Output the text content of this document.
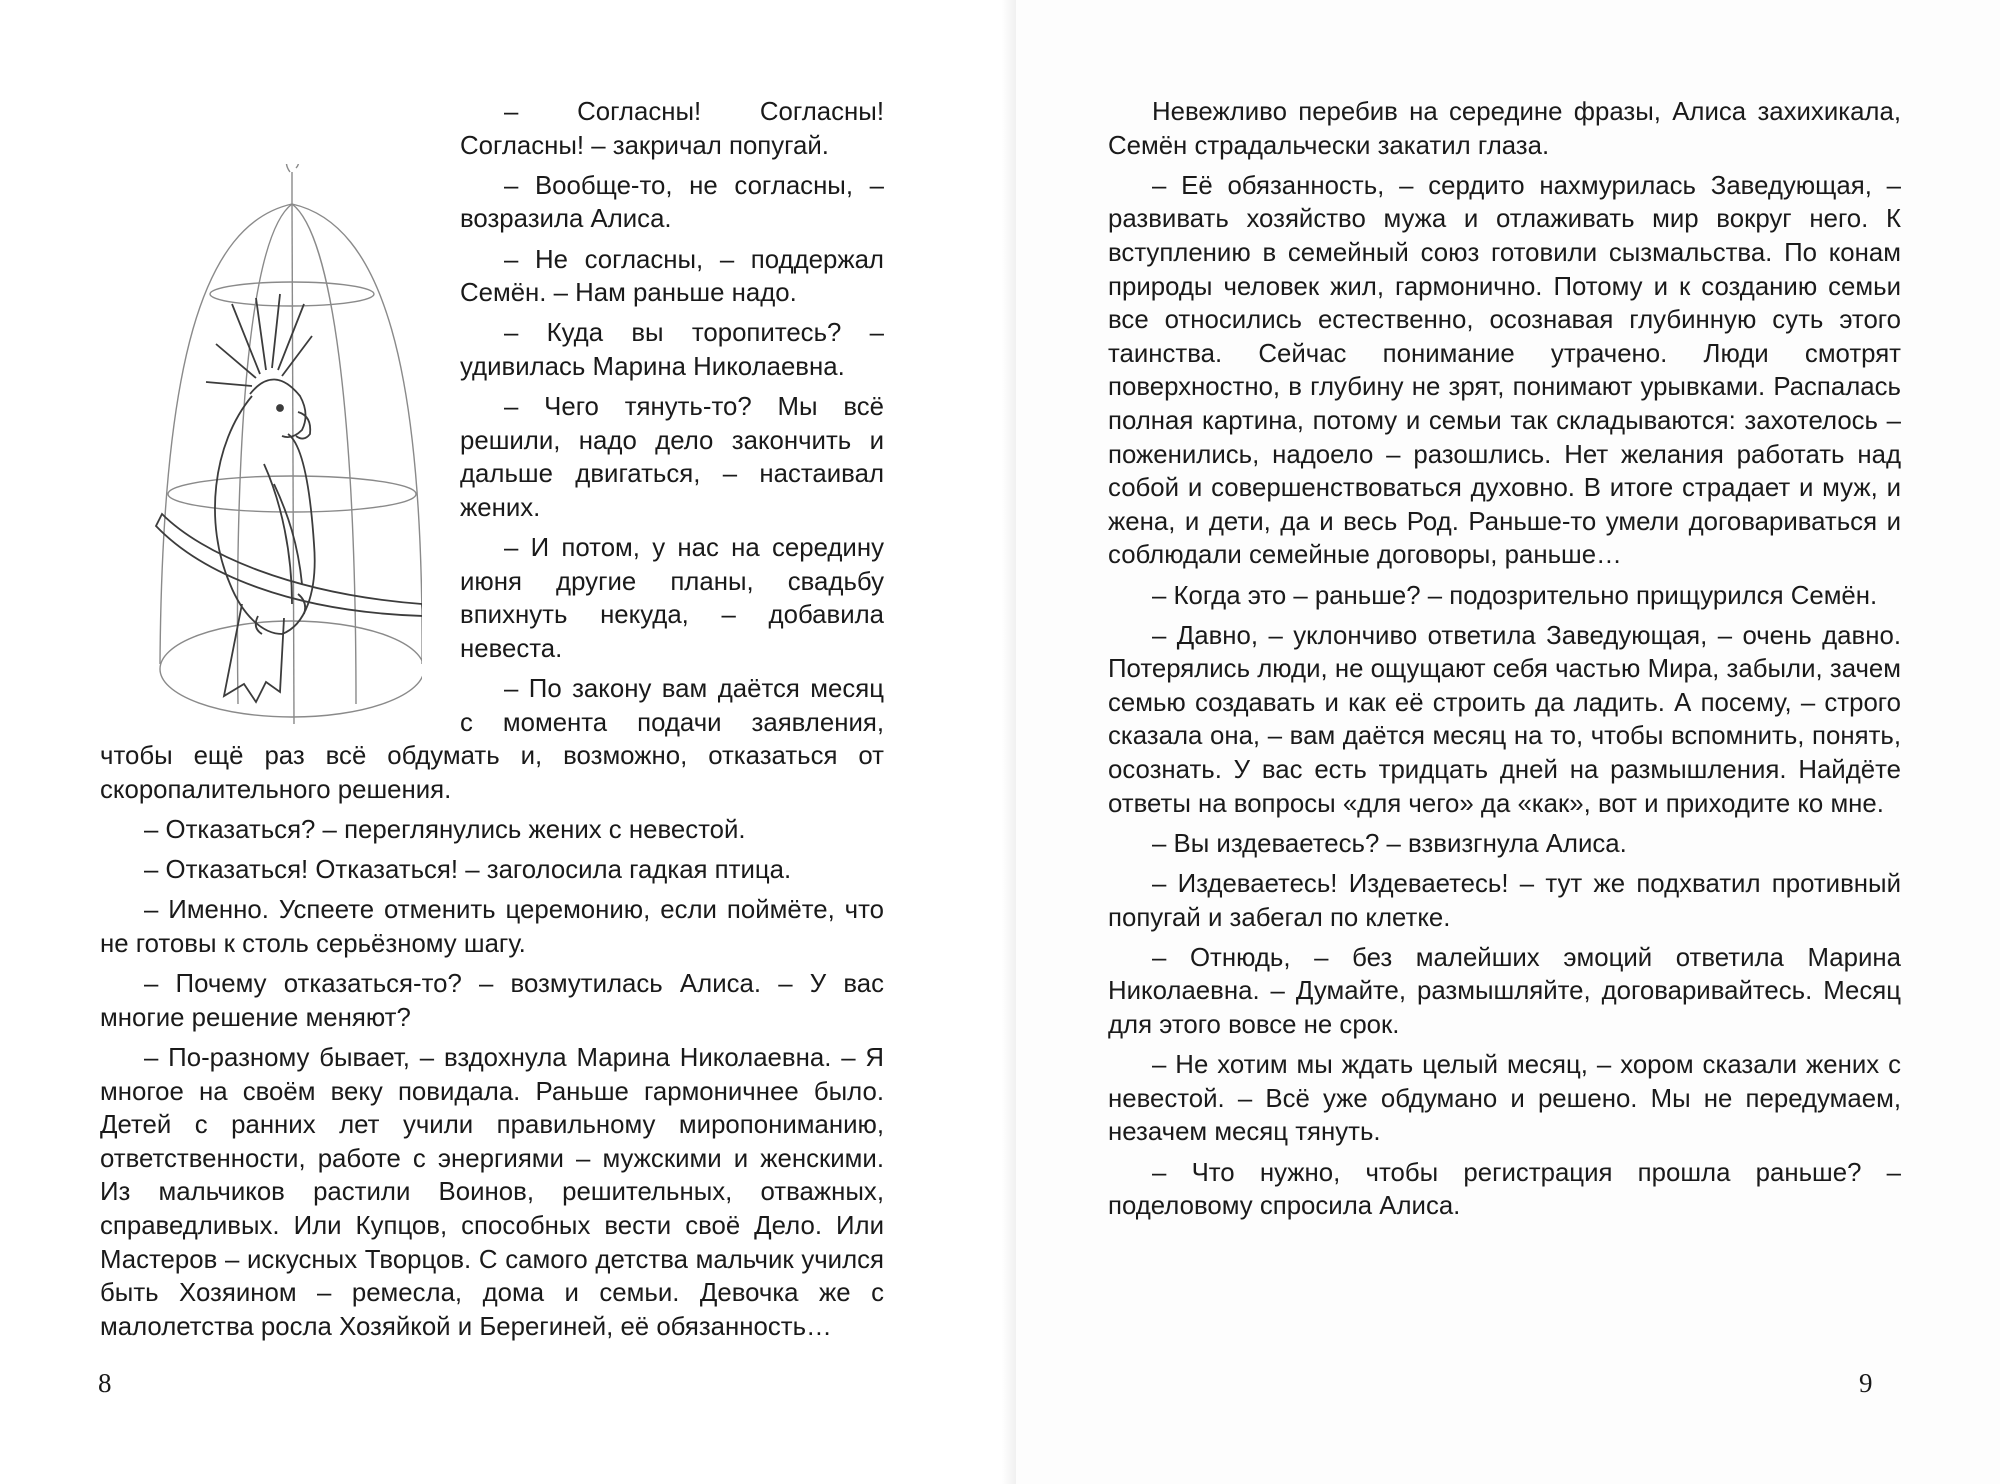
– Согласны! Согласны! Согласны! – закричал попугай.

– Вообще-то, не согласны, – возразила Алиса.

– Не согласны, – поддержал Семён. – Нам раньше надо.

– Куда вы торопитесь? – удивилась Марина Николаевна.

– Чего тянуть-то? Мы всё решили, надо дело закончить и дальше двигаться, – настаивал жених.

– И потом, у нас на середину июня другие планы, свадьбу впихнуть некуда, – добавила невеста.

– По закону вам даётся месяц с момента подачи заявления, чтобы ещё раз всё обдумать и, возможно, отказаться от скоропалительного решения.

– Отказаться? – переглянулись жених с невестой.

– Отказаться! Отказаться! – заголосила гадкая птица.

– Именно. Успеете отменить церемонию, если поймёте, что не готовы к столь серьёзному шагу.

– Почему отказаться-то? – возмутилась Алиса. – У вас многие решение меняют?

– По-разному бывает, – вздохнула Марина Николаевна. – Я многое на своём веку повидала. Раньше гармоничнее было. Детей с ранних лет учили правильному миропониманию, ответственности, работе с энергиями – мужскими и женскими. Из мальчиков растили Воинов, решительных, отважных, справедливых. Или Купцов, способных вести своё Дело. Или Мастеров – искусных Творцов. С самого детства мальчик учился быть Хозяином – ремесла, дома и семьи. Девочка же с малолетства росла Хозяйкой и Берегиней, её обязанность…

8

Невежливо перебив на середине фразы, Алиса захихикала, Семён страдальчески закатил глаза.

– Её обязанность, – сердито нахмурилась Заведующая, – развивать хозяйство мужа и отлаживать мир вокруг него. К вступлению в семейный союз готовили сызмальства. По конам природы человек жил, гармонично. Потому и к созданию семьи все относились естественно, осознавая глубинную суть этого таинства. Сейчас понимание утрачено. Люди смотрят поверхностно, в глубину не зрят, понимают урывками. Распалась полная картина, потому и семьи так складываются: захотелось – поженились, надоело – разошлись. Нет желания работать над собой и совершенствоваться духовно. В итоге страдает и муж, и жена, и дети, да и весь Род. Раньше-то умели договариваться и соблюдали семейные договоры, раньше…

– Когда это – раньше? – подозрительно прищурился Семён.

– Давно, – уклончиво ответила Заведующая, – очень давно. Потерялись люди, не ощущают себя частью Мира, забыли, зачем семью создавать и как её строить да ладить. А посему, – строго сказала она, – вам даётся месяц на то, чтобы вспомнить, понять, осознать. У вас есть тридцать дней на размышления. Найдёте ответы на вопросы «для чего» да «как», вот и приходите ко мне.

– Вы издеваетесь? – взвизгнула Алиса.

– Издеваетесь! Издеваетесь! – тут же подхватил противный попугай и забегал по клетке.

– Отнюдь, – без малейших эмоций ответила Марина Николаевна. – Думайте, размышляйте, договаривайтесь. Месяц для этого вовсе не срок.

– Не хотим мы ждать целый месяц, – хором сказали жених с невестой. – Всё уже обдумано и решено. Мы не передумаем, незачем месяц тянуть.

– Что нужно, чтобы регистрация прошла раньше? – поделовому спросила Алиса.

9
